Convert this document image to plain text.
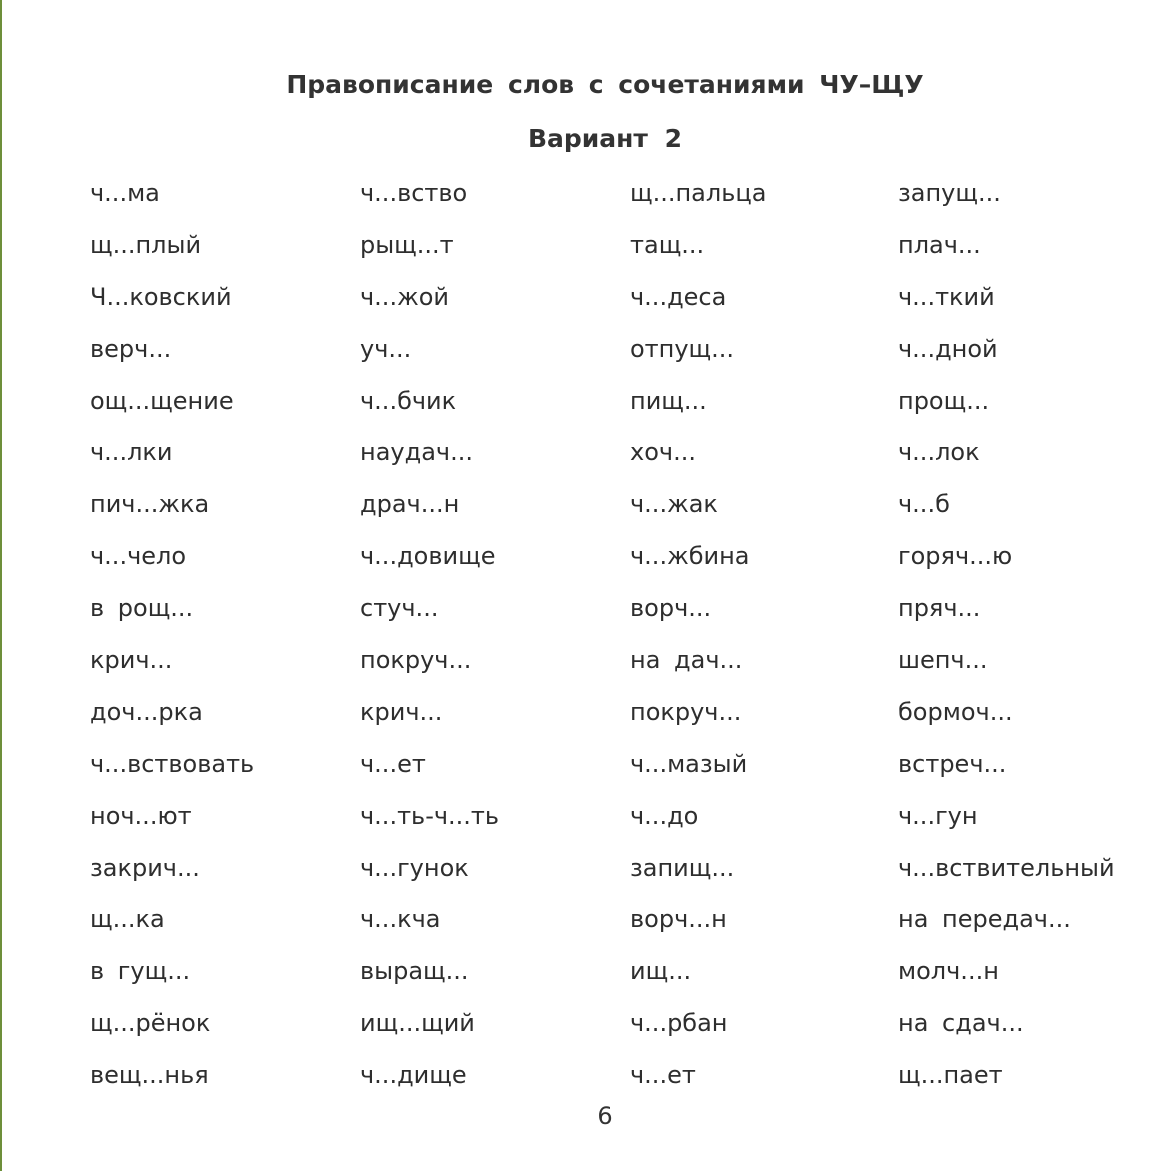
Правописание слов с сочетаниями ЧУ–ЩУ
Вариант 2
ч...ма	ч...вство	щ...пальца	запущ...
щ...плый	рыщ...т	тащ...	плач...
Ч...ковский	ч...жой	ч...деса	ч...ткий
верч...	уч...	отпущ...	ч...дной
ощ...щение	ч...бчик	пищ...	прощ...
ч...лки	наудач...	хоч...	ч...лок
пич...жка	драч...н	ч...жак	ч...б
ч...чело	ч...довище	ч...жбина	горяч...ю
в рощ...	стуч...	ворч...	пряч...
крич...	покруч...	на дач...	шепч...
доч...рка	крич...	покруч...	бормоч...
ч...вствовать	ч...ет	ч...мазый	встреч...
ноч...ют	ч...ть-ч...ть	ч...до	ч...гун
закрич...	ч...гунок	запищ...	ч...вствительный
щ...ка	ч...кча	ворч...н	на передач...
в гущ...	выращ...	ищ...	молч...н
щ...рёнок	ищ...щий	ч...рбан	на сдач...
вещ...нья	ч...дище	ч...ет	щ...пает
6
